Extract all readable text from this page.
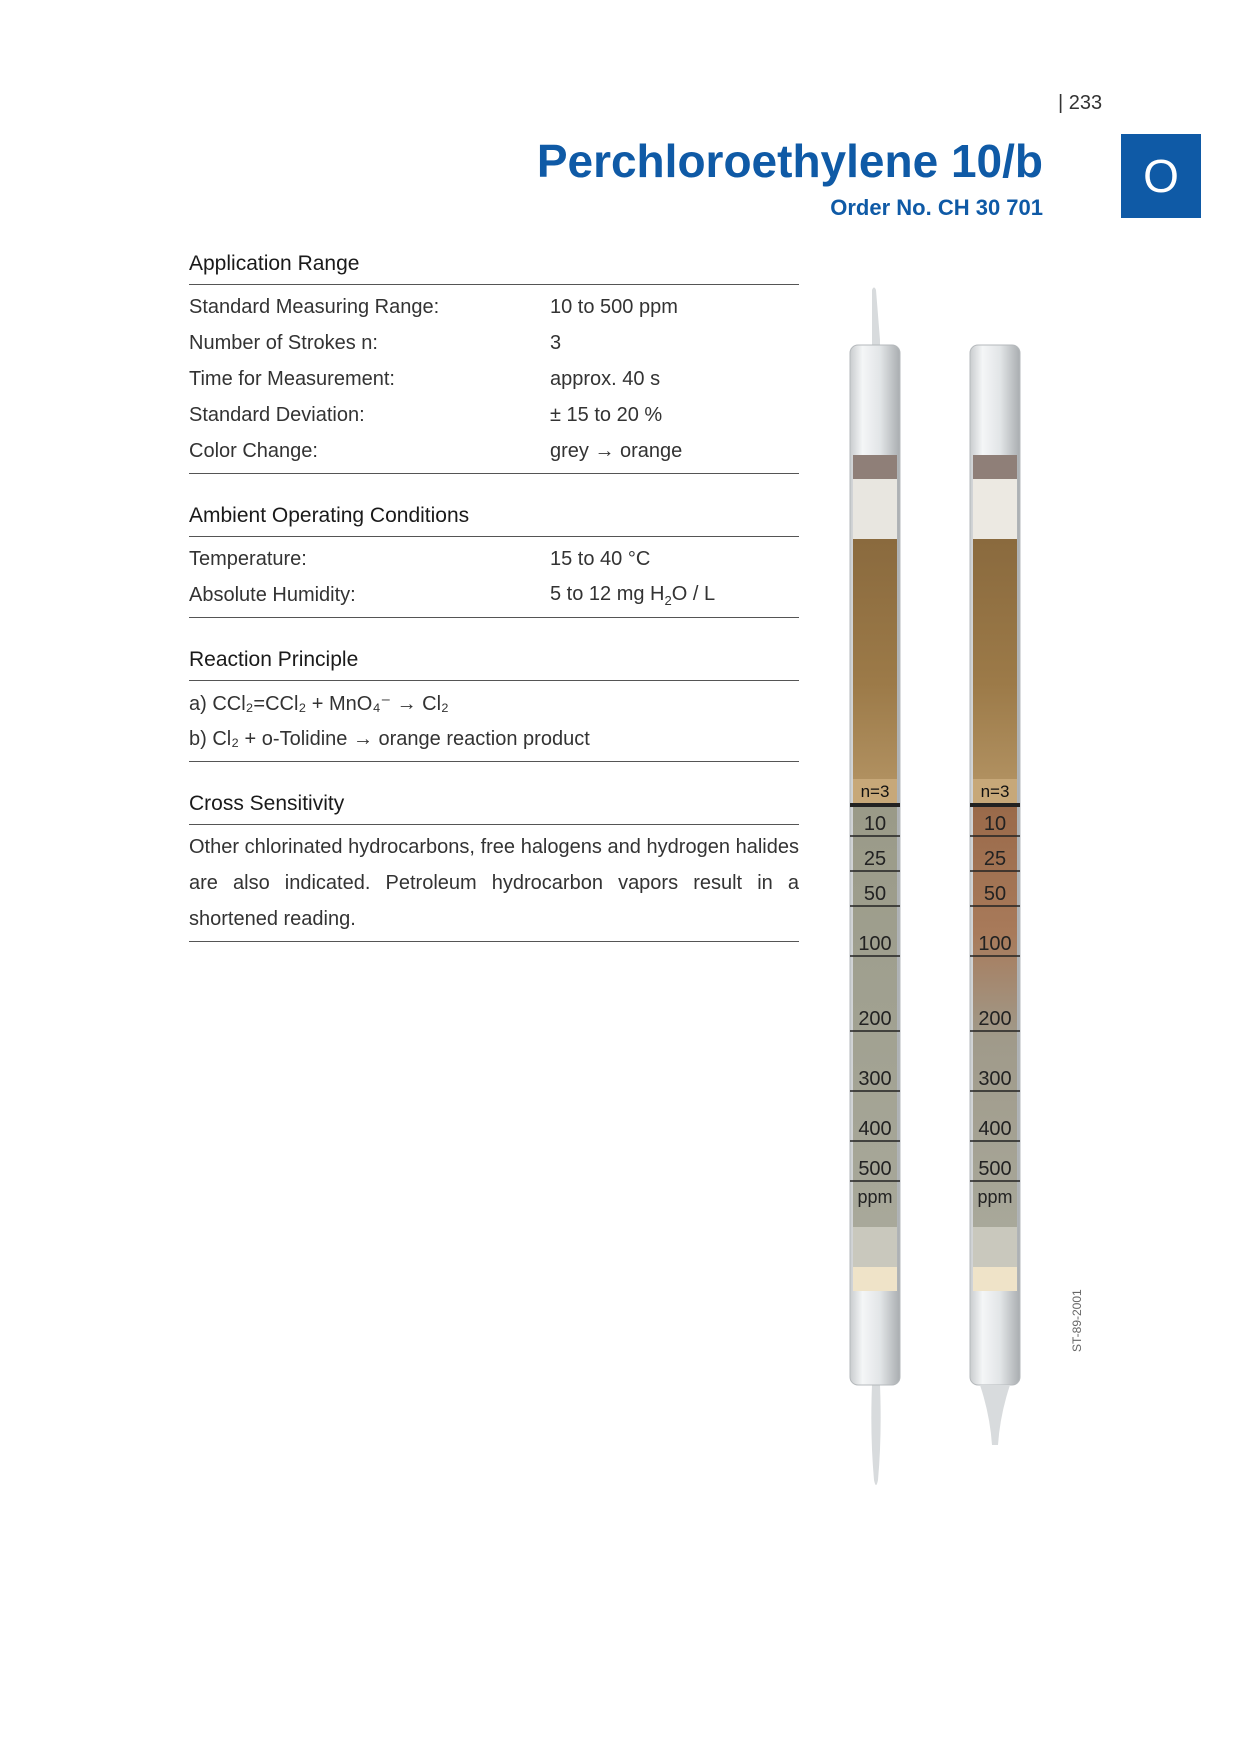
| 233
O
Perchloroethylene 10/b
Order No. CH 30 701
Application Range
Standard Measuring Range:	10 to 500 ppm
Number of Strokes n:	3
Time for Measurement:	approx. 40 s
Standard Deviation:	± 15 to 20 %
Color Change:	grey → orange
Ambient Operating Conditions
Temperature:	15 to 40 °C
Absolute Humidity:	5 to 12 mg $H_2O$ / L
Reaction Principle
a) CCl₂=CCl₂ + MnO₄⁻ → Cl₂
b) Cl₂ + o-Tolidine → orange reaction product
Cross Sensitivity
Other chlorinated hydrocarbons, free halogens and hydrogen halides are also indicated. Petroleum hydrocarbon vapors result in a shortened reading.
n=3
10
25
50
100
200
300
400
500
ppm
n=3
10
25
50
100
200
300
400
500
ppm
ST-89-2001
